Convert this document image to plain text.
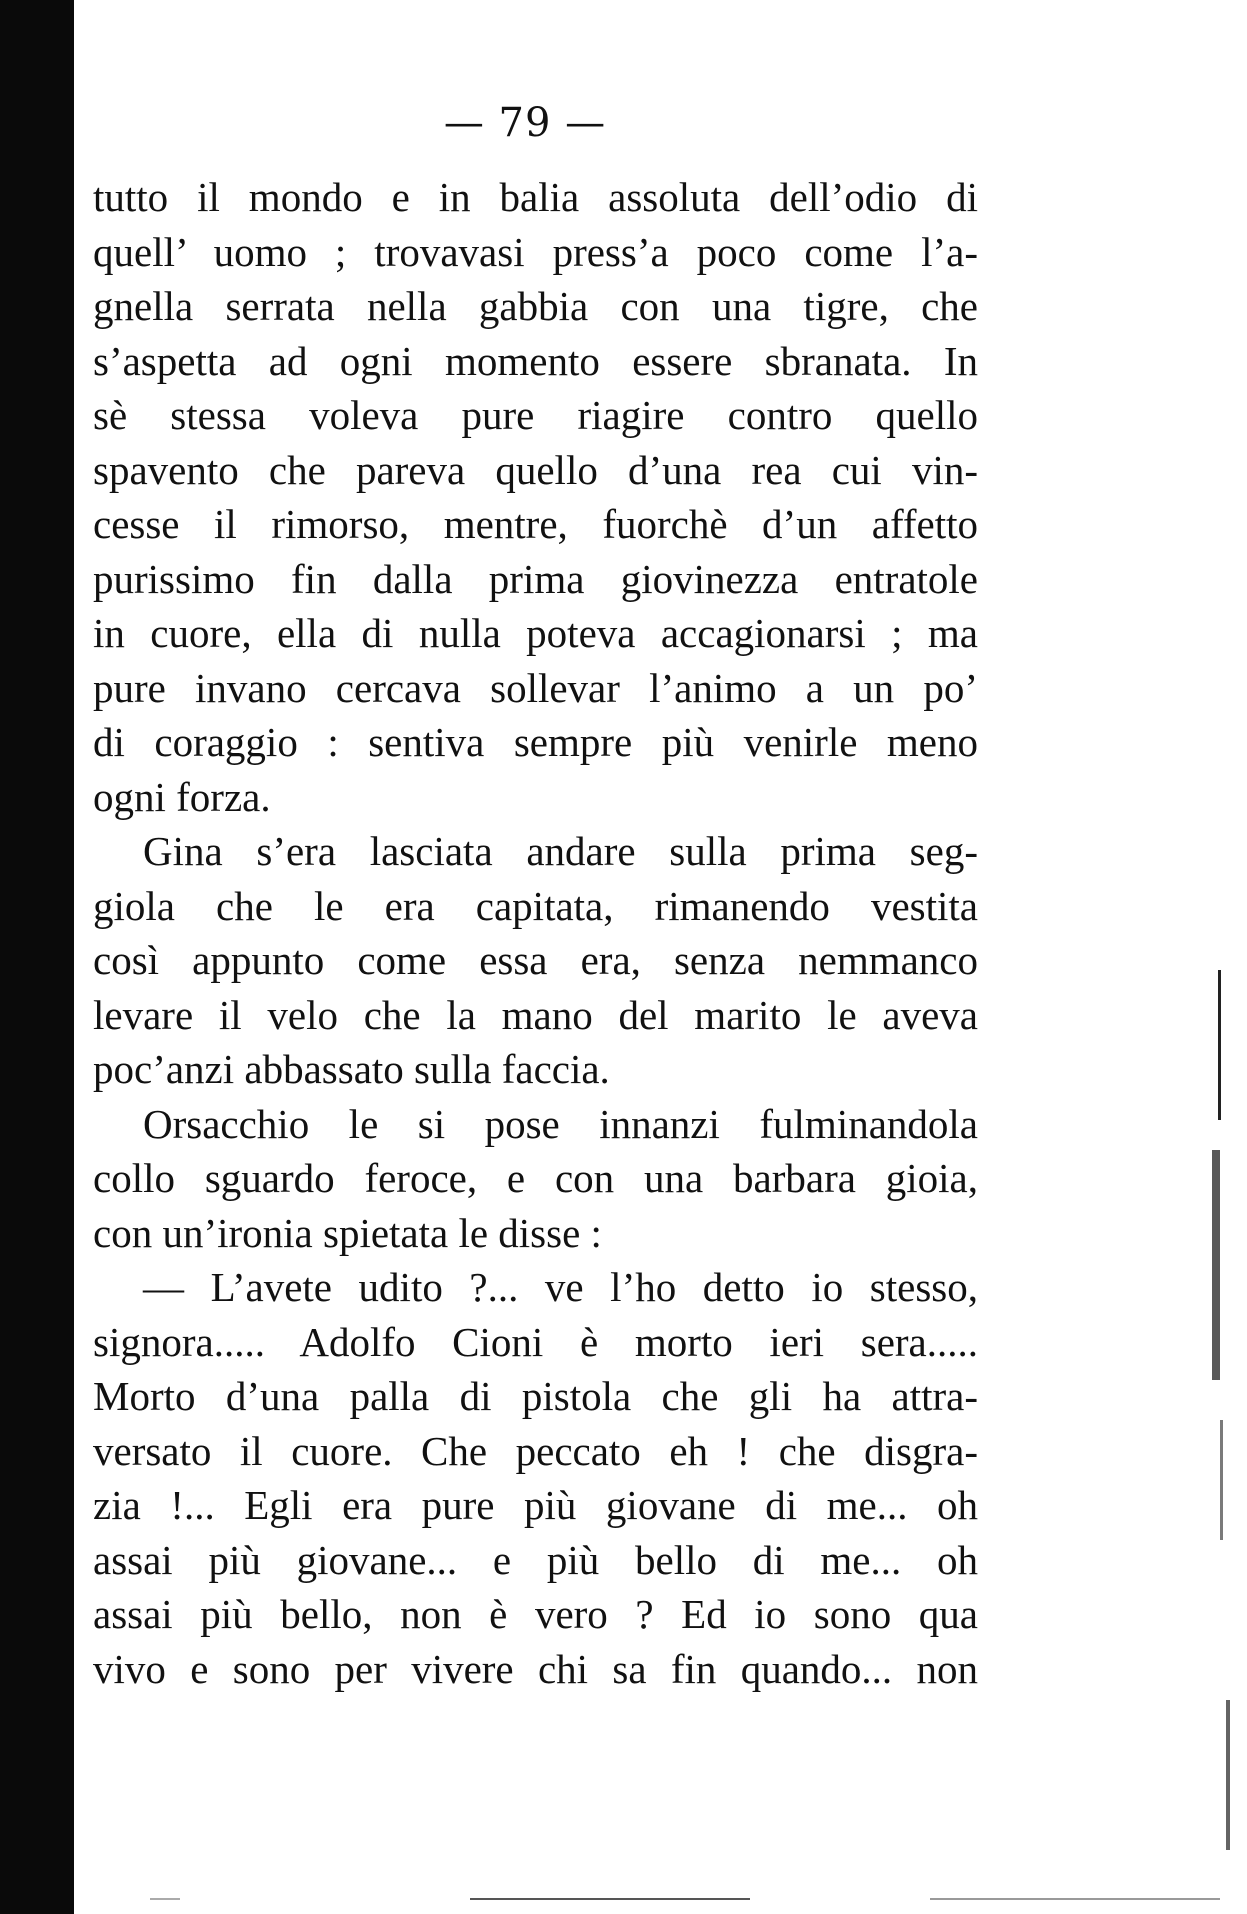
— 79 —
tutto il mondo e in balia assoluta dell’odio di
quell’ uomo ; trovavasi press’a poco come l’a-
gnella serrata nella gabbia con una tigre, che
s’aspetta ad ogni momento essere sbranata. In
sè stessa voleva pure riagire contro quello
spavento che pareva quello d’una rea cui vin-
cesse il rimorso, mentre, fuorchè d’un affetto
purissimo fin dalla prima giovinezza entratole
in cuore, ella di nulla poteva accagionarsi ; ma
pure invano cercava sollevar l’animo a un po’
di coraggio : sentiva sempre più venirle meno
ogni forza.
Gina s’era lasciata andare sulla prima seg-
giola che le era capitata, rimanendo vestita
così appunto come essa era, senza nemmanco
levare il velo che la mano del marito le aveva
poc’anzi abbassato sulla faccia.
Orsacchio le si pose innanzi fulminandola
collo sguardo feroce, e con una barbara gioia,
con un’ironia spietata le disse :
— L’avete udito ?... ve l’ho detto io stesso,
signora..... Adolfo Cioni è morto ieri sera.....
Morto d’una palla di pistola che gli ha attra-
versato il cuore. Che peccato eh ! che disgra-
zia !... Egli era pure più giovane di me... oh
assai più giovane... e più bello di me... oh
assai più bello, non è vero ? Ed io sono qua
vivo e sono per vivere chi sa fin quando... non
